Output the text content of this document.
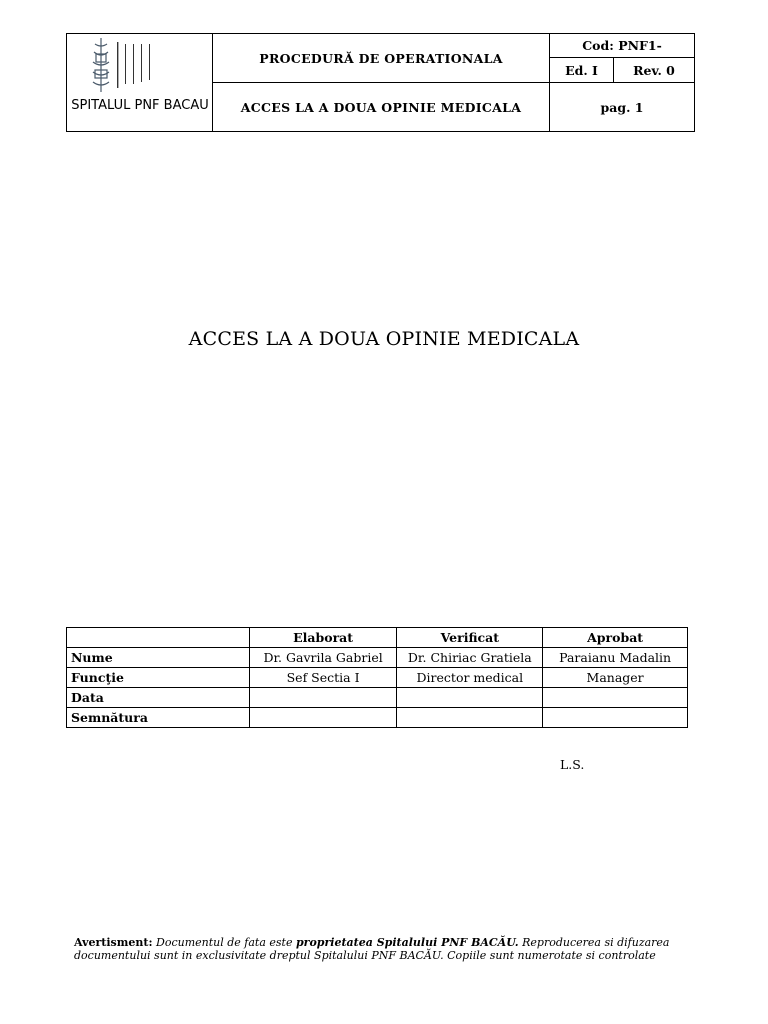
SPITALUL PNF BACAU
PROCEDURĂ DE OPERATIONALA
ACCES LA A DOUA OPINIE MEDICALA
Cod: PNF1-
Ed. I	Rev. 0
pag. 1
ACCES LA A DOUA OPINIE MEDICALA
	Elaborat	Verificat	Aprobat
Nume	Dr. Gavrila Gabriel	Dr. Chiriac Gratiela	Paraianu Madalin
Funcţie	Sef Sectia I	Director medical	Manager
Data			
Semnătura			
L.S.
Avertisment: Documentul de fata este proprietatea Spitalului PNF BACĂU. Reproducerea si difuzarea documentului sunt in exclusivitate dreptul Spitalului PNF BACĂU. Copiile sunt numerotate si controlate
